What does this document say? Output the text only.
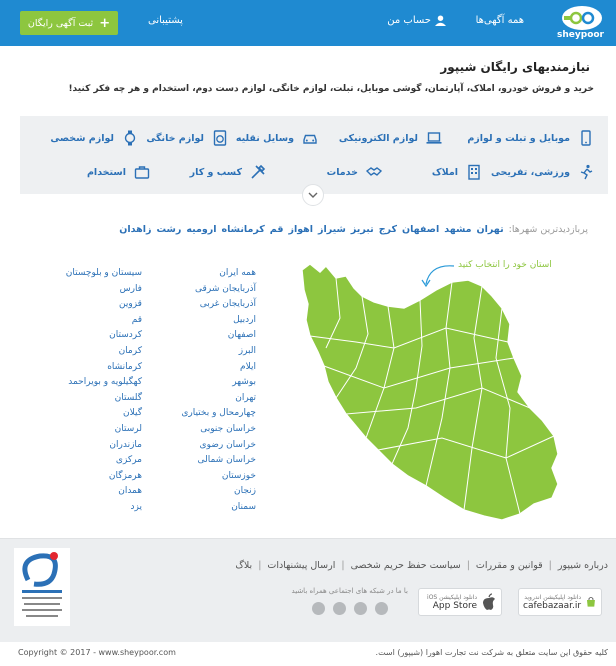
sheypoor
همه آگهی‌ها
حساب من
پشتیبانی
ثبت آگهی رایگان +
نیازمندیهای رایگان شیپور
خرید و فروش خودرو، املاک، آپارتمان، گوشی موبایل، تبلت، لوازم خانگی، لوازم دست دوم، استخدام و هر چه فکر کنید!
موبایل و تبلت و لوازم
لوازم الکترونیکی
وسایل نقلیه
لوازم خانگی
لوازم شخصی
ورزشی، تفریحی
املاک
خدمات
کسب و کار
استخدام
پربازدیدترین شهرها:
تهران
مشهد
اصفهان
کرج
تبریز
شیراز
اهواز
قم
کرمانشاه
ارومیه
رشت
زاهدان
استان خود را انتخاب کنید
همه ایران
آذربایجان شرقی
آذربایجان غربی
اردبیل
اصفهان
البرز
ایلام
بوشهر
تهران
چهارمحال و بختیاری
خراسان جنوبی
خراسان رضوی
خراسان شمالی
خوزستان
زنجان
سمنان
سیستان و بلوچستان
فارس
قزوین
قم
کردستان
کرمان
کرمانشاه
کهگیلویه و بویراحمد
گلستان
گیلان
لرستان
مازندران
مرکزی
هرمزگان
همدان
یزد
درباره شیپور
|
قوانین و مقررات
|
سیاست حفظ حریم شخصی
|
ارسال پیشنهادات
|
بلاگ
دانلود اپلیکیشن اندروید
cafebazaar.ir
دانلود اپلیکیشن iOS
App Store
با ما در شبکه های اجتماعی همراه باشید
Copyright © 2017 - www.sheypoor.com	کلیه حقوق این سایت متعلق به شرکت نت تجارت اهورا (شیپور) است.
